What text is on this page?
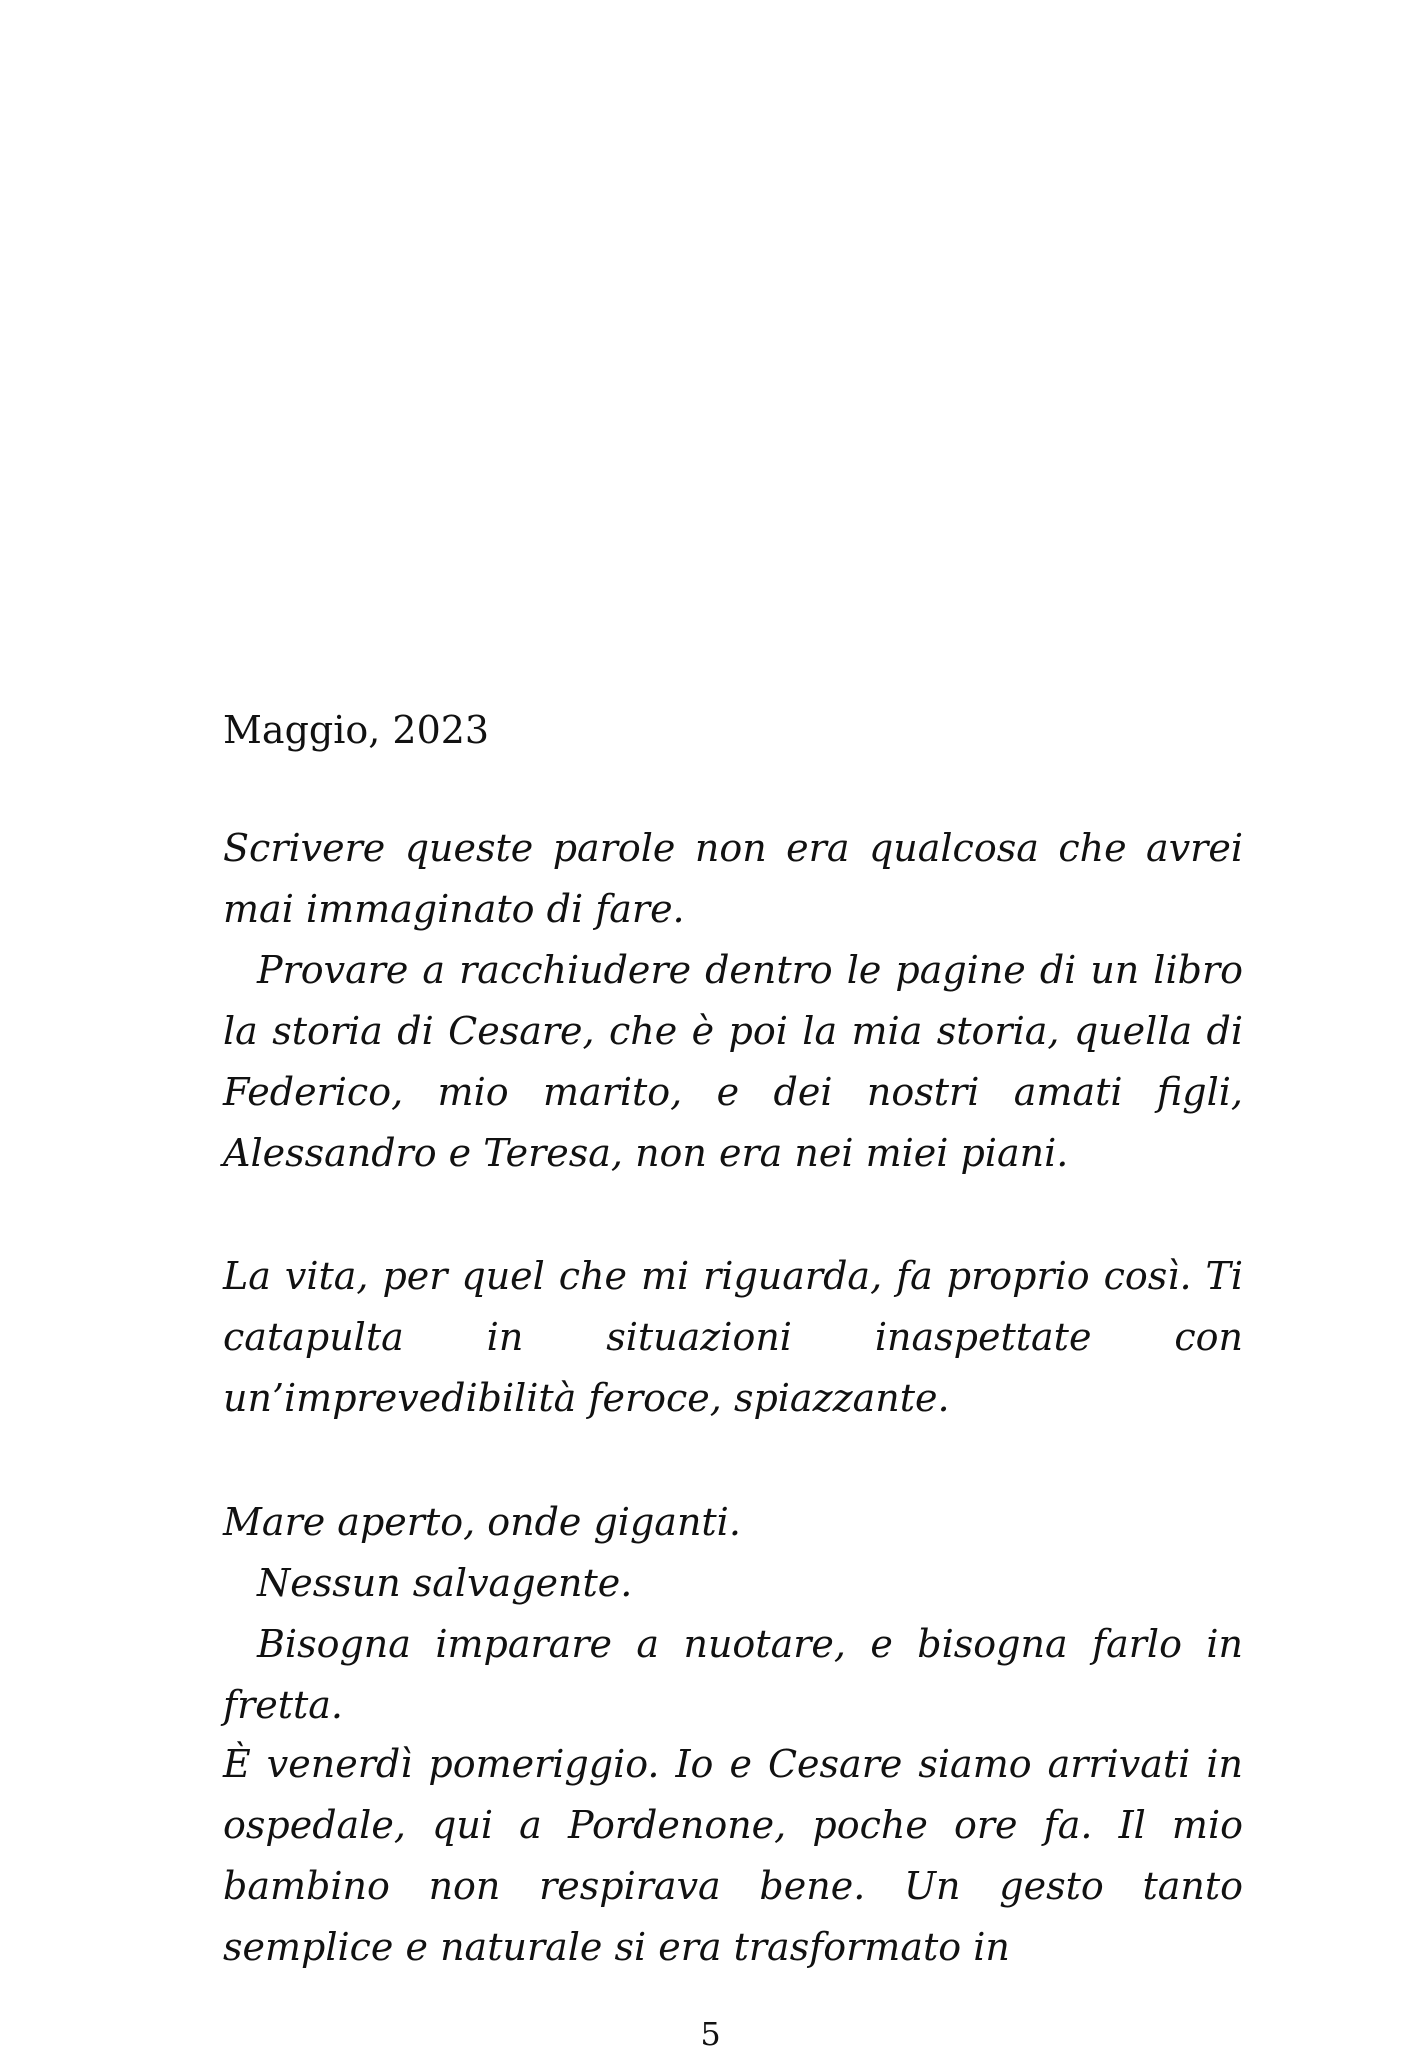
Maggio, 2023

Scrivere queste parole non era qualcosa che avrei mai immaginato di fare.
Provare a racchiudere dentro le pagine di un libro la storia di Cesare, che è poi la mia storia, quella di Federico, mio marito, e dei nostri amati figli, Alessandro e Teresa, non era nei miei piani.

La vita, per quel che mi riguarda, fa proprio così. Ti catapulta in situazioni inaspettate con un’imprevedibilità feroce, spiazzante.

Mare aperto, onde giganti.

Nessun salvagente.

Bisogna imparare a nuotare, e bisogna farlo in fretta.

È venerdì pomeriggio. Io e Cesare siamo arrivati in ospedale, qui a Pordenone, poche ore fa. Il mio bambino non respirava bene. Un gesto tanto semplice e naturale si era trasformato in

5
